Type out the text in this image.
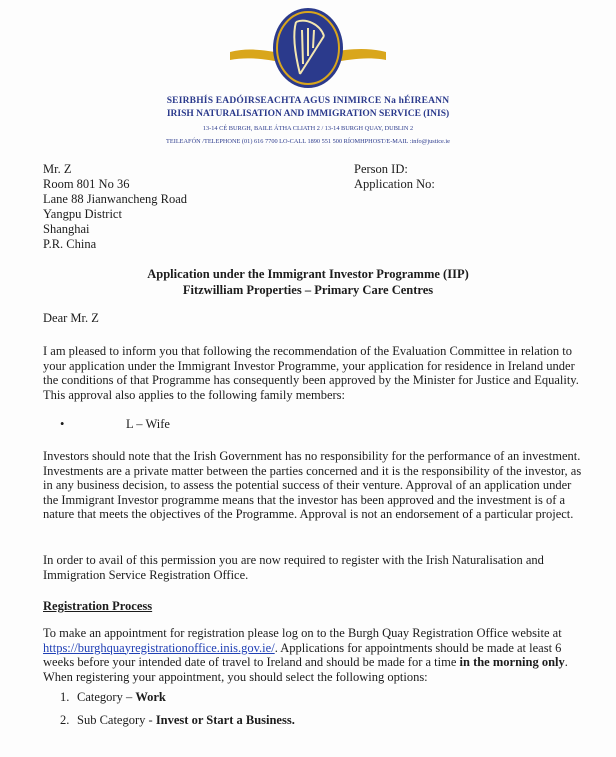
SEIRBHÍS EADÓIRSEACHTA AGUS INIMIRCE Na hÉIREANN
IRISH NATURALISATION AND IMMIGRATION SERVICE (INIS)
13-14 CÉ BURGH, BAILE ÁTHA CLIATH 2 / 13-14 BURGH QUAY, DUBLIN 2
TEILEAFÓN /TELEPHONE (01) 616 7700 LO-CALL 1890 551 500 RÍOMHPHOST/E-MAIL :info@justice.ie
Mr. Z
Room 801 No 36
Lane 88 Jianwancheng Road
Yangpu District
Shanghai
P.R. China
Person ID:
Application No:
Application under the Immigrant Investor Programme (IIP)
Fitzwilliam Properties – Primary Care Centres
Dear Mr. Z

I am pleased to inform you that following the recommendation of the Evaluation Committee in relation to your application under the Immigrant Investor Programme, your application for residence in Ireland under the conditions of that Programme has consequently been approved by the Minister for Justice and Equality. This approval also applies to the following family members:

•	L – Wife

Investors should note that the Irish Government has no responsibility for the performance of an investment. Investments are a private matter between the parties concerned and it is the responsibility of the investor, as in any business decision, to assess the potential success of their venture. Approval of an application under the Immigrant Investor programme means that the investor has been approved and the investment is of a nature that meets the objectives of the Programme. Approval is not an endorsement of a particular project.

In order to avail of this permission you are now required to register with the Irish Naturalisation and Immigration Service Registration Office.

Registration Process

To make an appointment for registration please log on to the Burgh Quay Registration Office website at https://burghquayregistrationoffice.inis.gov.ie/. Applications for appointments should be made at least 6 weeks before your intended date of travel to Ireland and should be made for a time in the morning only. When registering your appointment, you should select the following options:

1. Category – Work
2. Sub Category - Invest or Start a Business.
